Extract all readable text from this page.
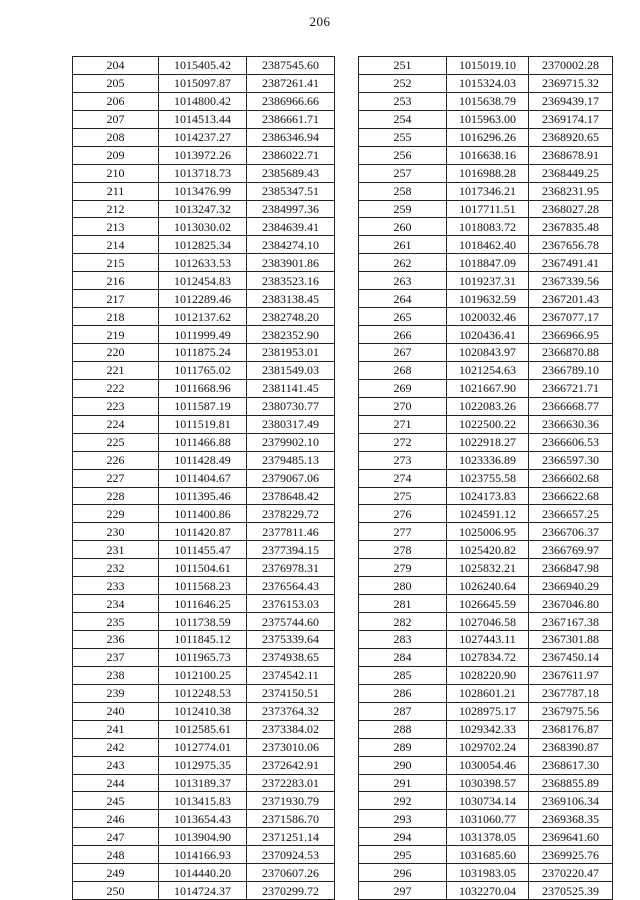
206
204	1015405.42	2387545.60
205	1015097.87	2387261.41
206	1014800.42	2386966.66
207	1014513.44	2386661.71
208	1014237.27	2386346.94
209	1013972.26	2386022.71
210	1013718.73	2385689.43
211	1013476.99	2385347.51
212	1013247.32	2384997.36
213	1013030.02	2384639.41
214	1012825.34	2384274.10
215	1012633.53	2383901.86
216	1012454.83	2383523.16
217	1012289.46	2383138.45
218	1012137.62	2382748.20
219	1011999.49	2382352.90
220	1011875.24	2381953.01
221	1011765.02	2381549.03
222	1011668.96	2381141.45
223	1011587.19	2380730.77
224	1011519.81	2380317.49
225	1011466.88	2379902.10
226	1011428.49	2379485.13
227	1011404.67	2379067.06
228	1011395.46	2378648.42
229	1011400.86	2378229.72
230	1011420.87	2377811.46
231	1011455.47	2377394.15
232	1011504.61	2376978.31
233	1011568.23	2376564.43
234	1011646.25	2376153.03
235	1011738.59	2375744.60
236	1011845.12	2375339.64
237	1011965.73	2374938.65
238	1012100.25	2374542.11
239	1012248.53	2374150.51
240	1012410.38	2373764.32
241	1012585.61	2373384.02
242	1012774.01	2373010.06
243	1012975.35	2372642.91
244	1013189.37	2372283.01
245	1013415.83	2371930.79
246	1013654.43	2371586.70
247	1013904.90	2371251.14
248	1014166.93	2370924.53
249	1014440.20	2370607.26
250	1014724.37	2370299.72
251	1015019.10	2370002.28
252	1015324.03	2369715.32
253	1015638.79	2369439.17
254	1015963.00	2369174.17
255	1016296.26	2368920.65
256	1016638.16	2368678.91
257	1016988.28	2368449.25
258	1017346.21	2368231.95
259	1017711.51	2368027.28
260	1018083.72	2367835.48
261	1018462.40	2367656.78
262	1018847.09	2367491.41
263	1019237.31	2367339.56
264	1019632.59	2367201.43
265	1020032.46	2367077.17
266	1020436.41	2366966.95
267	1020843.97	2366870.88
268	1021254.63	2366789.10
269	1021667.90	2366721.71
270	1022083.26	2366668.77
271	1022500.22	2366630.36
272	1022918.27	2366606.53
273	1023336.89	2366597.30
274	1023755.58	2366602.68
275	1024173.83	2366622.68
276	1024591.12	2366657.25
277	1025006.95	2366706.37
278	1025420.82	2366769.97
279	1025832.21	2366847.98
280	1026240.64	2366940.29
281	1026645.59	2367046.80
282	1027046.58	2367167.38
283	1027443.11	2367301.88
284	1027834.72	2367450.14
285	1028220.90	2367611.97
286	1028601.21	2367787.18
287	1028975.17	2367975.56
288	1029342.33	2368176.87
289	1029702.24	2368390.87
290	1030054.46	2368617.30
291	1030398.57	2368855.89
292	1030734.14	2369106.34
293	1031060.77	2369368.35
294	1031378.05	2369641.60
295	1031685.60	2369925.76
296	1031983.05	2370220.47
297	1032270.04	2370525.39
